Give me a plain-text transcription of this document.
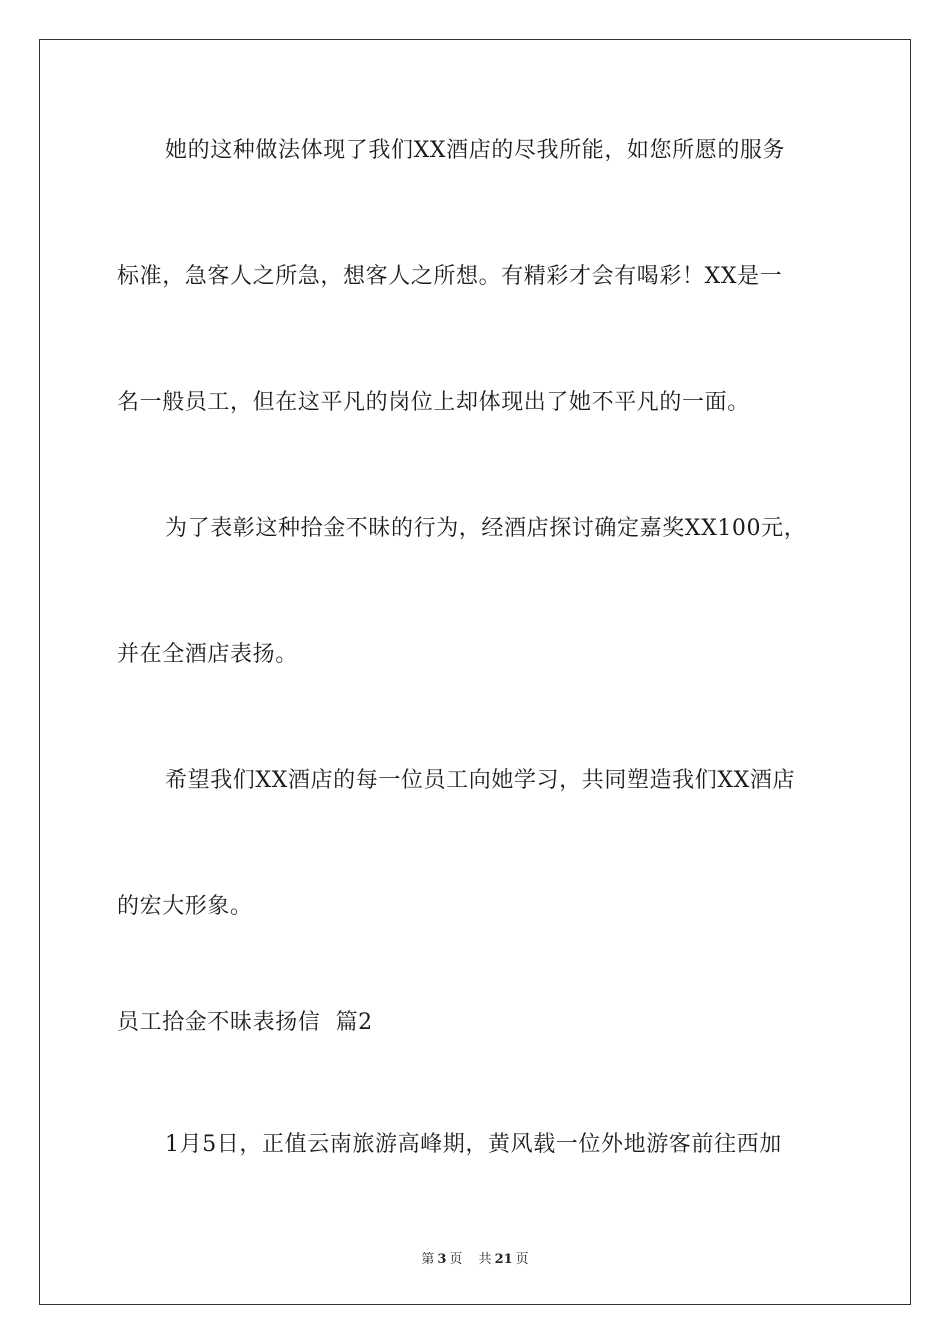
她的这种做法体现了我们XX酒店的尽我所能，如您所愿的服务
标准，急客人之所急，想客人之所想。有精彩才会有喝彩！XX是一
名一般员工，但在这平凡的岗位上却体现出了她不平凡的一面。
为了表彰这种拾金不昧的行为，经酒店探讨确定嘉奖XX100元，
并在全酒店表扬。
希望我们XX酒店的每一位员工向她学习，共同塑造我们XX酒店
的宏大形象。
员工拾金不昧表扬信  篇2
1月5日，正值云南旅游高峰期，黄风载一位外地游客前往西加
第 3 页 共 21 页
